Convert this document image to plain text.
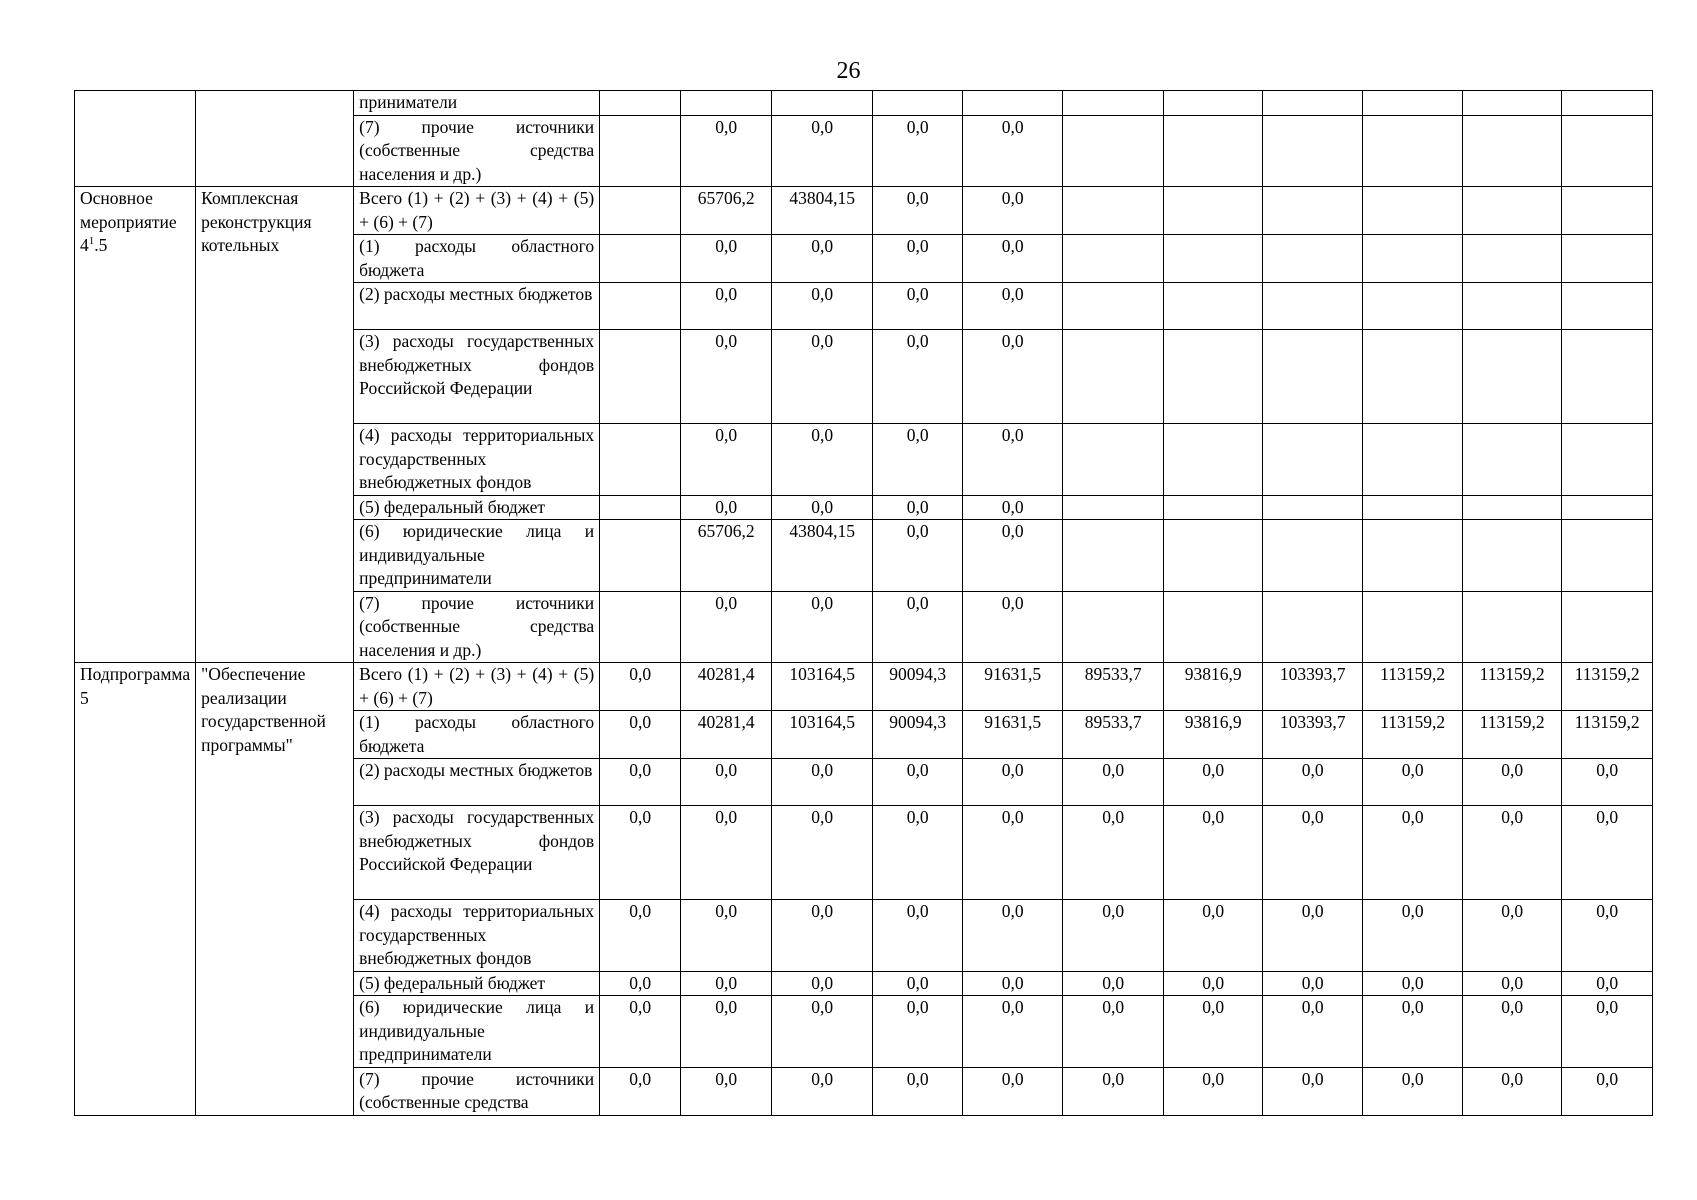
26
		приниматели											
		(7) прочие источники (собственные средства населения и др.)		0,0	0,0	0,0	0,0						
Основное мероприятие $4^1.5$	Комплексная реконструкция котельных	Всего (1) + (2) + (3) + (4) + (5) + (6) + (7)		65706,2	43804,15	0,0	0,0						
		(1) расходы областного бюджета		0,0	0,0	0,0	0,0						
		(2) расходы местных бюджетов		0,0	0,0	0,0	0,0						
		(3) расходы государственных внебюджетных фондов Российской Федерации		0,0	0,0	0,0	0,0						
		(4) расходы территориальных государственных внебюджетных фондов		0,0	0,0	0,0	0,0						
		(5) федеральный бюджет		0,0	0,0	0,0	0,0						
		(6) юридические лица и индивидуальные предприниматели		65706,2	43804,15	0,0	0,0						
		(7) прочие источники (собственные средства населения и др.)		0,0	0,0	0,0	0,0						
Подпрограмма 5	"Обеспечение реализации государственной программы"	Всего (1) + (2) + (3) + (4) + (5) + (6) + (7)	0,0	40281,4	103164,5	90094,3	91631,5	89533,7	93816,9	103393,7	113159,2	113159,2	113159,2
		(1) расходы областного бюджета	0,0	40281,4	103164,5	90094,3	91631,5	89533,7	93816,9	103393,7	113159,2	113159,2	113159,2
		(2) расходы местных бюджетов	0,0	0,0	0,0	0,0	0,0	0,0	0,0	0,0	0,0	0,0	0,0
		(3) расходы государственных внебюджетных фондов Российской Федерации	0,0	0,0	0,0	0,0	0,0	0,0	0,0	0,0	0,0	0,0	0,0
		(4) расходы территориальных государственных внебюджетных фондов	0,0	0,0	0,0	0,0	0,0	0,0	0,0	0,0	0,0	0,0	0,0
		(5) федеральный бюджет	0,0	0,0	0,0	0,0	0,0	0,0	0,0	0,0	0,0	0,0	0,0
		(6) юридические лица и индивидуальные предприниматели	0,0	0,0	0,0	0,0	0,0	0,0	0,0	0,0	0,0	0,0	0,0
		(7) прочие источники (собственные средства	0,0	0,0	0,0	0,0	0,0	0,0	0,0	0,0	0,0	0,0	0,0
